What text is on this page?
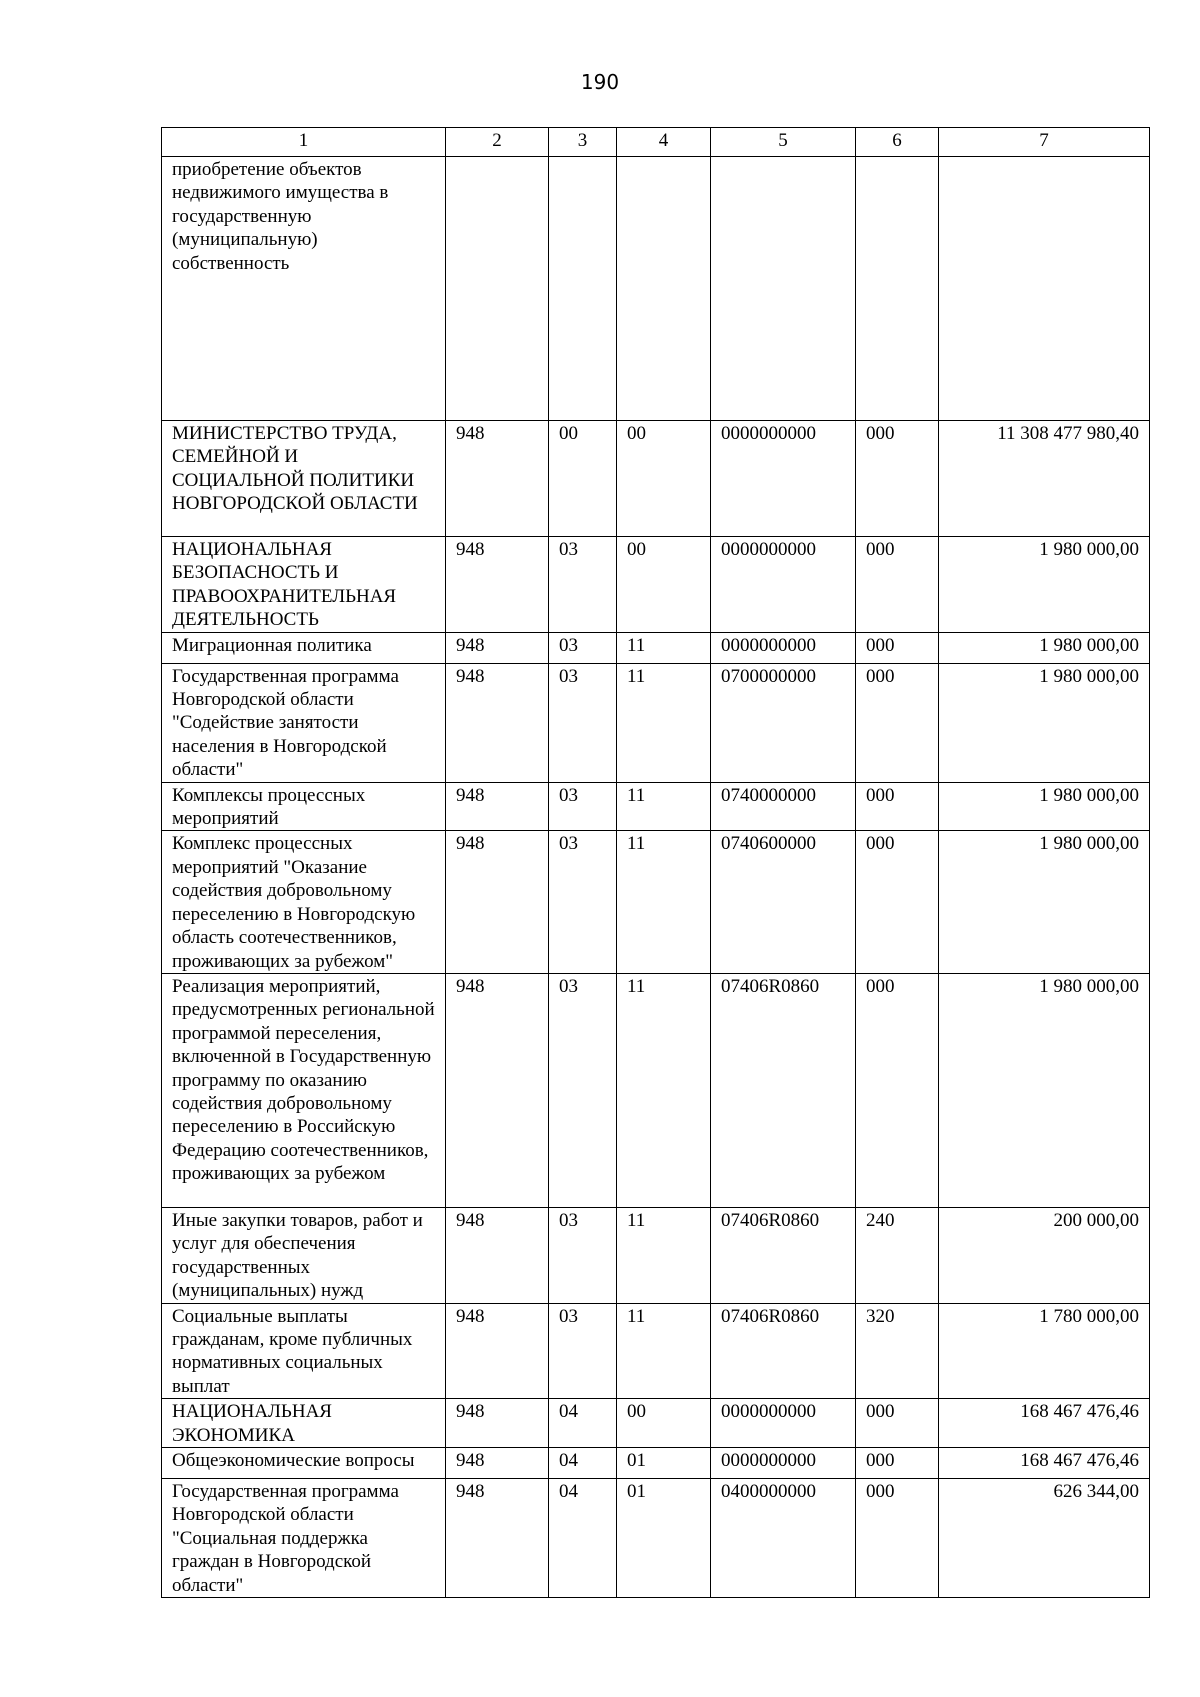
190
1	2	3	4	5	6	7
приобретение объектов недвижимого имущества в государственную (муниципальную) собственность						
МИНИСТЕРСТВО ТРУДА, СЕМЕЙНОЙ И СОЦИАЛЬНОЙ ПОЛИТИКИ НОВГОРОДСКОЙ ОБЛАСТИ	948	00	00	0000000000	000	11 308 477 980,40
НАЦИОНАЛЬНАЯ БЕЗОПАСНОСТЬ И ПРАВООХРАНИТЕЛЬНАЯ ДЕЯТЕЛЬНОСТЬ	948	03	00	0000000000	000	1 980 000,00
Миграционная политика	948	03	11	0000000000	000	1 980 000,00
Государственная программа Новгородской области "Содействие занятости населения в Новгородской области"	948	03	11	0700000000	000	1 980 000,00
Комплексы процессных мероприятий	948	03	11	0740000000	000	1 980 000,00
Комплекс процессных мероприятий "Оказание содействия добровольному переселению в Новгородскую область соотечественников, проживающих за рубежом"	948	03	11	0740600000	000	1 980 000,00
Реализация мероприятий, предусмотренных региональной программой переселения, включенной в Государственную программу по оказанию содействия добровольному переселению в Российскую Федерацию соотечественников, проживающих за рубежом	948	03	11	07406R0860	000	1 980 000,00
Иные закупки товаров, работ и услуг для обеспечения государственных (муниципальных) нужд	948	03	11	07406R0860	240	200 000,00
Социальные выплаты гражданам, кроме публичных нормативных социальных выплат	948	03	11	07406R0860	320	1 780 000,00
НАЦИОНАЛЬНАЯ ЭКОНОМИКА	948	04	00	0000000000	000	168 467 476,46
Общеэкономические вопросы	948	04	01	0000000000	000	168 467 476,46
Государственная программа Новгородской области "Социальная поддержка граждан в Новгородской области"	948	04	01	0400000000	000	626 344,00
